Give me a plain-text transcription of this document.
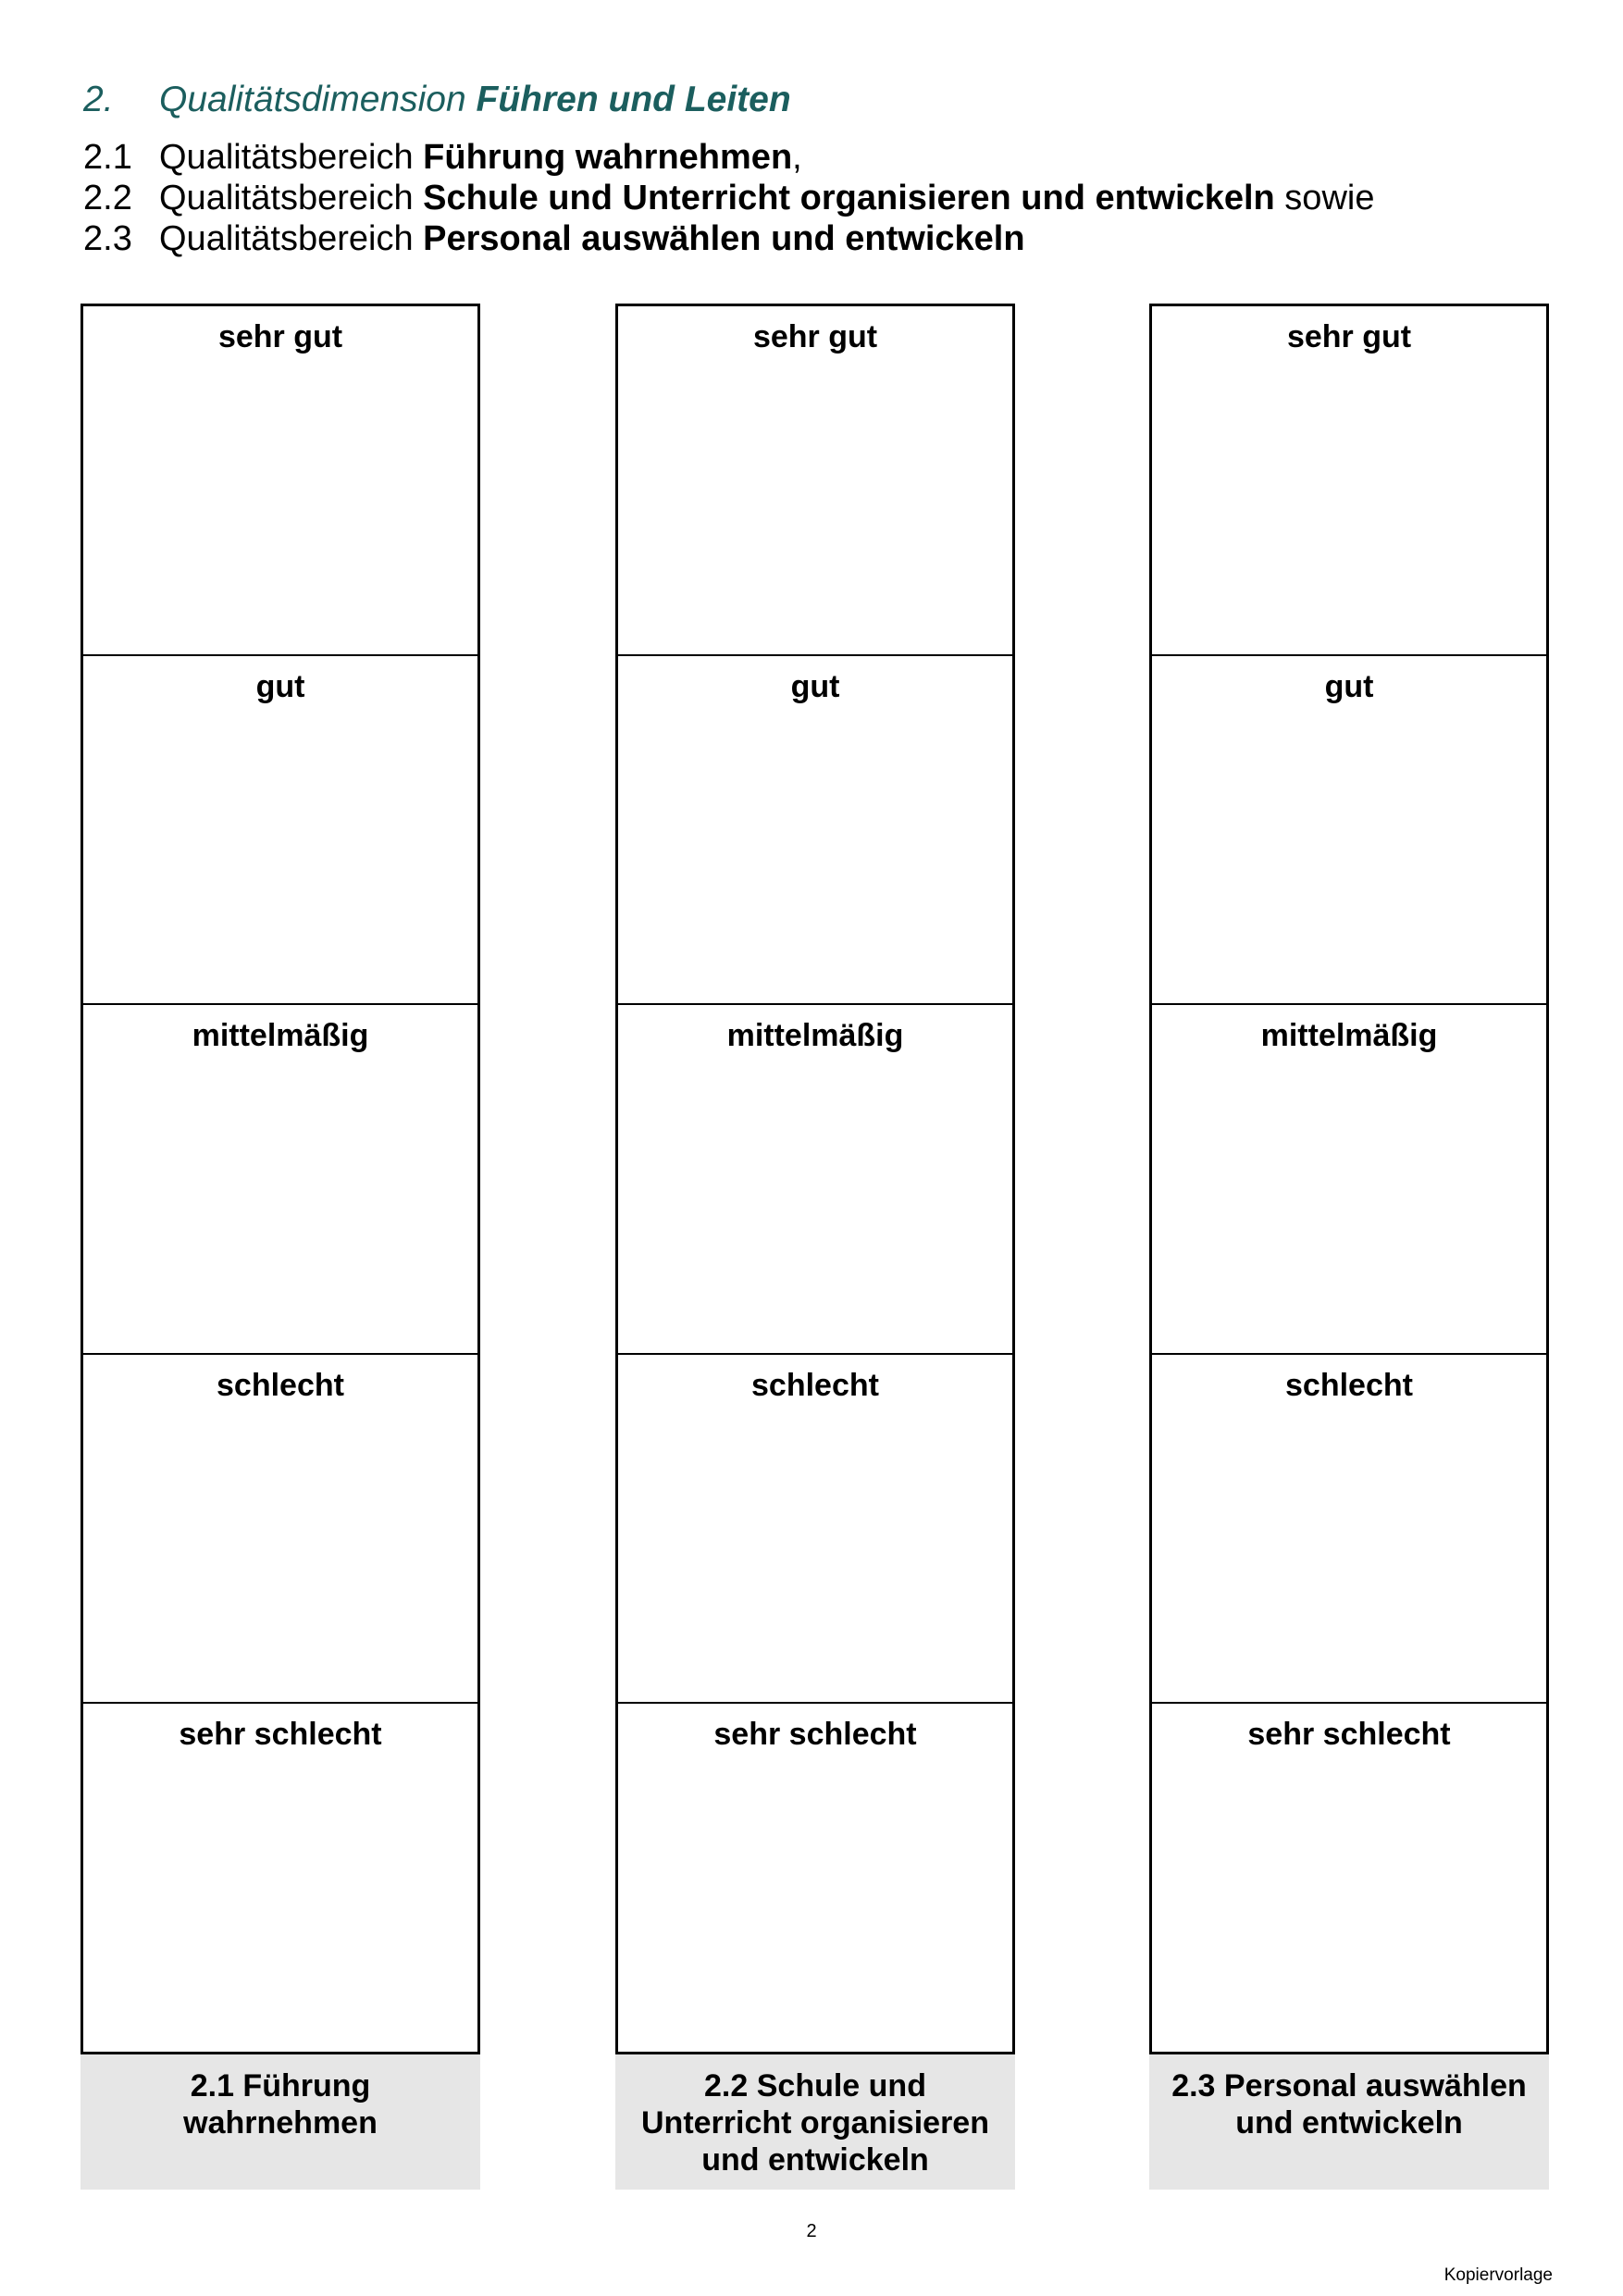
2. Qualitätsdimension Führen und Leiten
2.1 Qualitätsbereich Führung wahrnehmen,
2.2 Qualitätsbereich Schule und Unterricht organisieren und entwickeln sowie
2.3 Qualitätsbereich Personal auswählen und entwickeln
sehr gut
gut
mittelmäßig
schlecht
sehr schlecht
2.1 Führung
wahrnehmen
sehr gut
gut
mittelmäßig
schlecht
sehr schlecht
2.2 Schule und
Unterricht organisieren
und entwickeln
sehr gut
gut
mittelmäßig
schlecht
sehr schlecht
2.3 Personal auswählen
und entwickeln
2
Kopiervorlage
